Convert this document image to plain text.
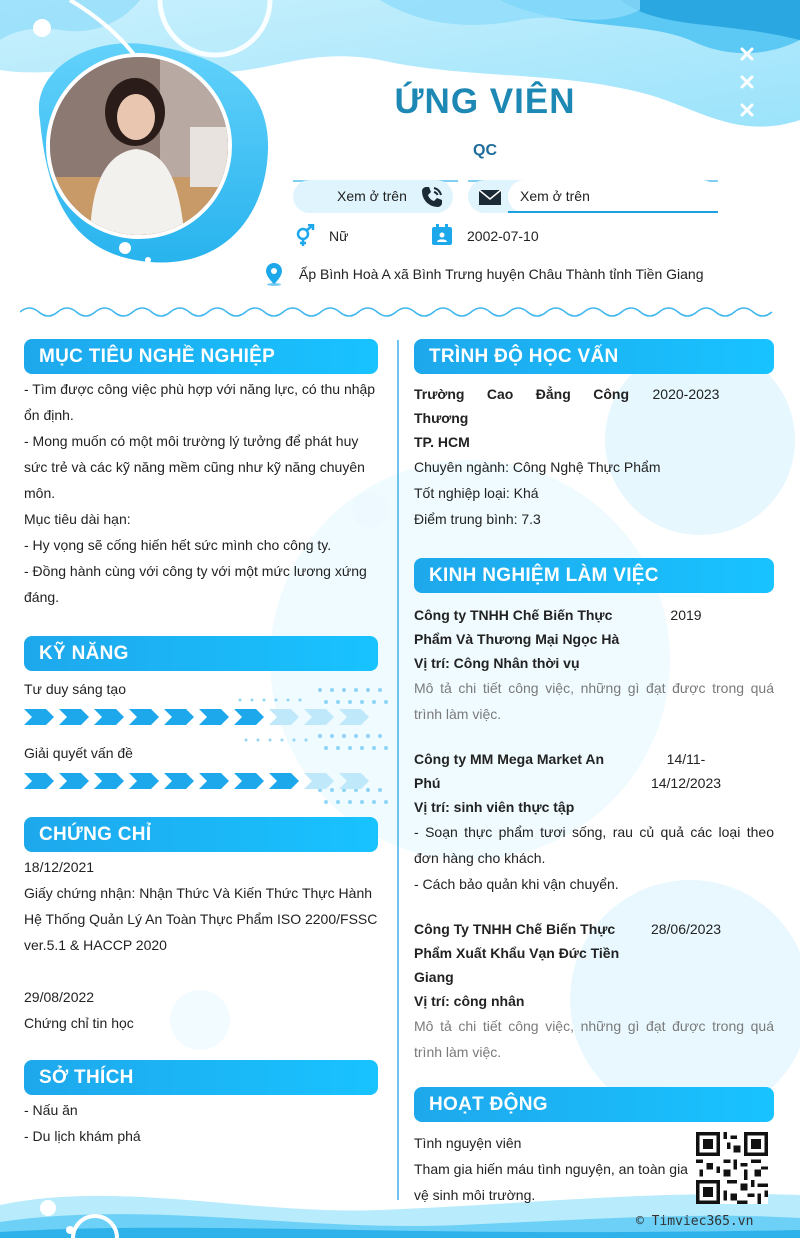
ỨNG VIÊN
QC
Xem ở trên	Xem ở trên
Nữ	2002-07-10
Ấp Bình Hoà A xã Bình Trưng huyện Châu Thành tỉnh Tiền Giang
MỤC TIÊU NGHỀ NGHIỆP
- Tìm được công việc phù hợp với năng lực, có thu nhập
ổn định.
- Mong muốn có một môi trường lý tưởng để phát huy
sức trẻ và các kỹ năng mềm cũng như kỹ năng chuyên
môn.
Mục tiêu dài hạn:
- Hy vọng sẽ cống hiến hết sức mình cho công ty.
- Đồng hành cùng với công ty với một mức lương xứng
đáng.
KỸ NĂNG
Tư duy sáng tạo
Giải quyết vấn đề
CHỨNG CHỈ
18/12/2021
Giấy chứng nhận: Nhận Thức Và Kiến Thức Thực Hành
Hệ Thống Quản Lý An Toàn Thực Phẩm ISO 2200/FSSC
ver.5.1 & HACCP 2020
29/08/2022
Chứng chỉ tin học
SỞ THÍCH
- Nấu ăn
- Du lịch khám phá
TRÌNH ĐỘ HỌC VẤN
Trường Cao Đẳng Công Thương
TP. HCM
2020-2023
Chuyên ngành: Công Nghệ Thực Phẩm
Tốt nghiệp loại: Khá
Điểm trung bình: 7.3
KINH NGHIỆM LÀM VIỆC
Công ty TNHH Chế Biến Thực
Phẩm Và Thương Mại Ngọc Hà
2019
Vị trí: Công Nhân thời vụ
Mô tả chi tiết công việc, những gì đạt được trong quá
trình làm việc.
Công ty MM Mega Market An
Phú
14/11-
14/12/2023
Vị trí: sinh viên thực tập
- Soạn thực phẩm tươi sống, rau củ quả các loại theo
đơn hàng cho khách.
- Cách bảo quản khi vận chuyển.
Công Ty TNHH Chế Biến Thực
Phẩm Xuất Khẩu Vạn Đức Tiền
Giang
28/06/2023
Vị trí: công nhân
Mô tả chi tiết công việc, những gì đạt được trong quá
trình làm việc.
HOẠT ĐỘNG
Tình nguyện viên
Tham gia hiến máu tình nguyện, an toàn gia
vệ sinh môi trường.
© Timviec365.vn
